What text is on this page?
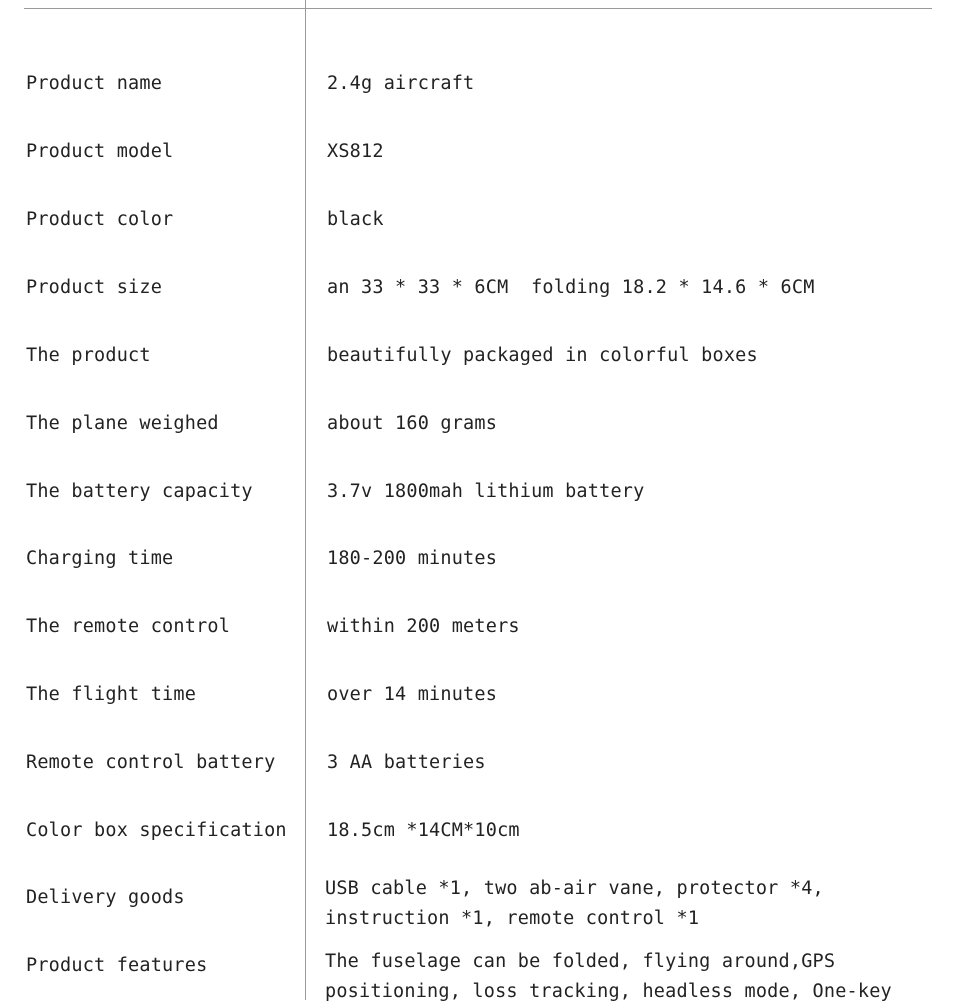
Product name	2.4g aircraft
Product model	XS812
Product color	black
Product size	an 33 * 33 * 6CM  folding 18.2 * 14.6 * 6CM
The product	beautifully packaged in colorful boxes
The plane weighed	about 160 grams
The battery capacity	3.7v 1800mah lithium battery
Charging time	180-200 minutes
The remote control	within 200 meters
The flight time	over 14 minutes
Remote control battery	3 AA batteries
Color box specification 18.5cm *14CM*10cm
Delivery goods	USB cable *1, two ab-air vane, protector *4,
instruction *1, remote control *1
Product features	The fuselage can be folded, flying around,GPS
positioning, loss tracking, headless mode, One-key
